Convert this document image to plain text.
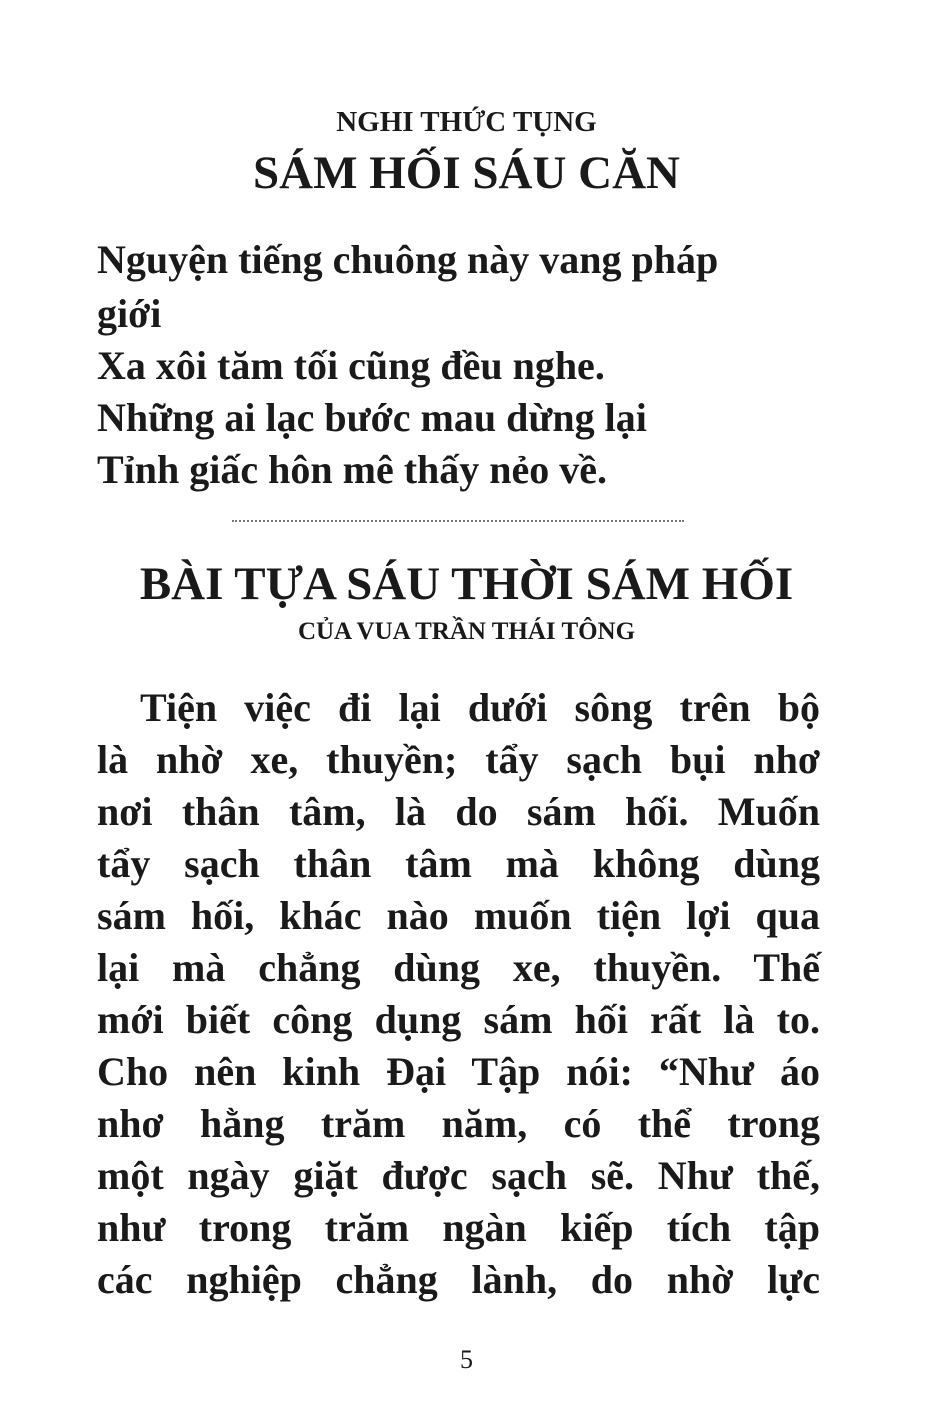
NGHI THỨC TỤNG
SÁM HỐI SÁU CĂN
Nguyện tiếng chuông này vang pháp
giới
Xa xôi tăm tối cũng đều nghe.
Những ai lạc bước mau dừng lại
Tỉnh giấc hôn mê thấy nẻo về.
BÀI TỰA SÁU THỜI SÁM HỐI
CỦA VUA TRẦN THÁI TÔNG
Tiện việc đi lại dưới sông trên bộ
là nhờ xe, thuyền; tẩy sạch bụi nhơ
nơi thân tâm, là do sám hối. Muốn
tẩy sạch thân tâm mà không dùng
sám hối, khác nào muốn tiện lợi qua
lại mà chẳng dùng xe, thuyền. Thế
mới biết công dụng sám hối rất là to.
Cho nên kinh Đại Tập nói: “Như áo
nhơ hằng trăm năm, có thể trong
một ngày giặt được sạch sẽ. Như thế,
như trong trăm ngàn kiếp tích tập
các nghiệp chẳng lành, do nhờ lực
5
